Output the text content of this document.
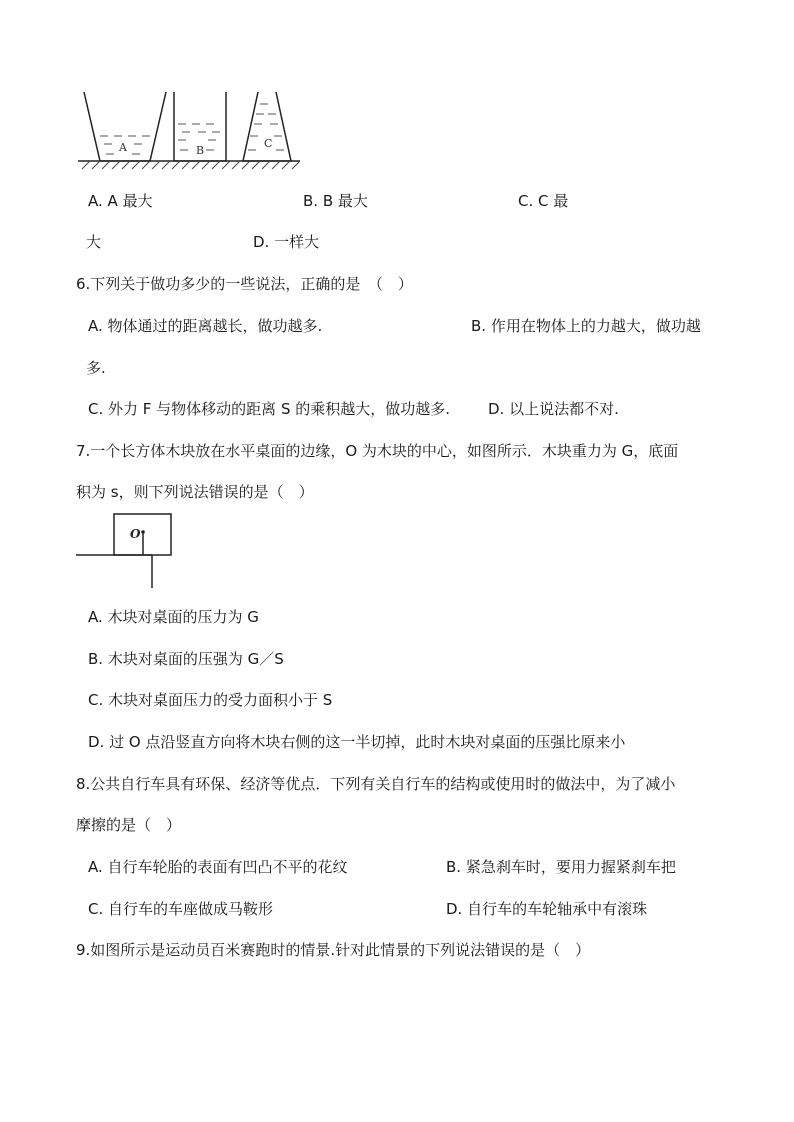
A	B
C
A. A 最大	B. B 最大	C. C 最
大	D. 一样大
6.下列关于做功多少的一些说法，正确的是　（　）
A. 物体通过的距离越长，做功越多.	B. 作用在物体上的力越大，做功越
多.
C. 外力 F 与物体移动的距离 S 的乘积越大，做功越多.	D. 以上说法都不对.
7.一个长方体木块放在水平桌面的边缘，O 为木块的中心，如图所示．木块重力为 G，底面
积为 s，则下列说法错误的是（　）
O
A. 木块对桌面的压力为 G
B. 木块对桌面的压强为 G／S
C. 木块对桌面压力的受力面积小于 S
D. 过 O 点沿竖直方向将木块右侧的这一半切掉，此时木块对桌面的压强比原来小
8.公共自行车具有环保、经济等优点．下列有关自行车的结构或使用时的做法中，为了减小
摩擦的是（　）
A. 自行车轮胎的表面有凹凸不平的花纹	B. 紧急刹车时，要用力握紧刹车把
C. 自行车的车座做成马鞍形	D. 自行车的车轮轴承中有滚珠
9.如图所示是运动员百米赛跑时的情景.针对此情景的下列说法错误的是（　）
